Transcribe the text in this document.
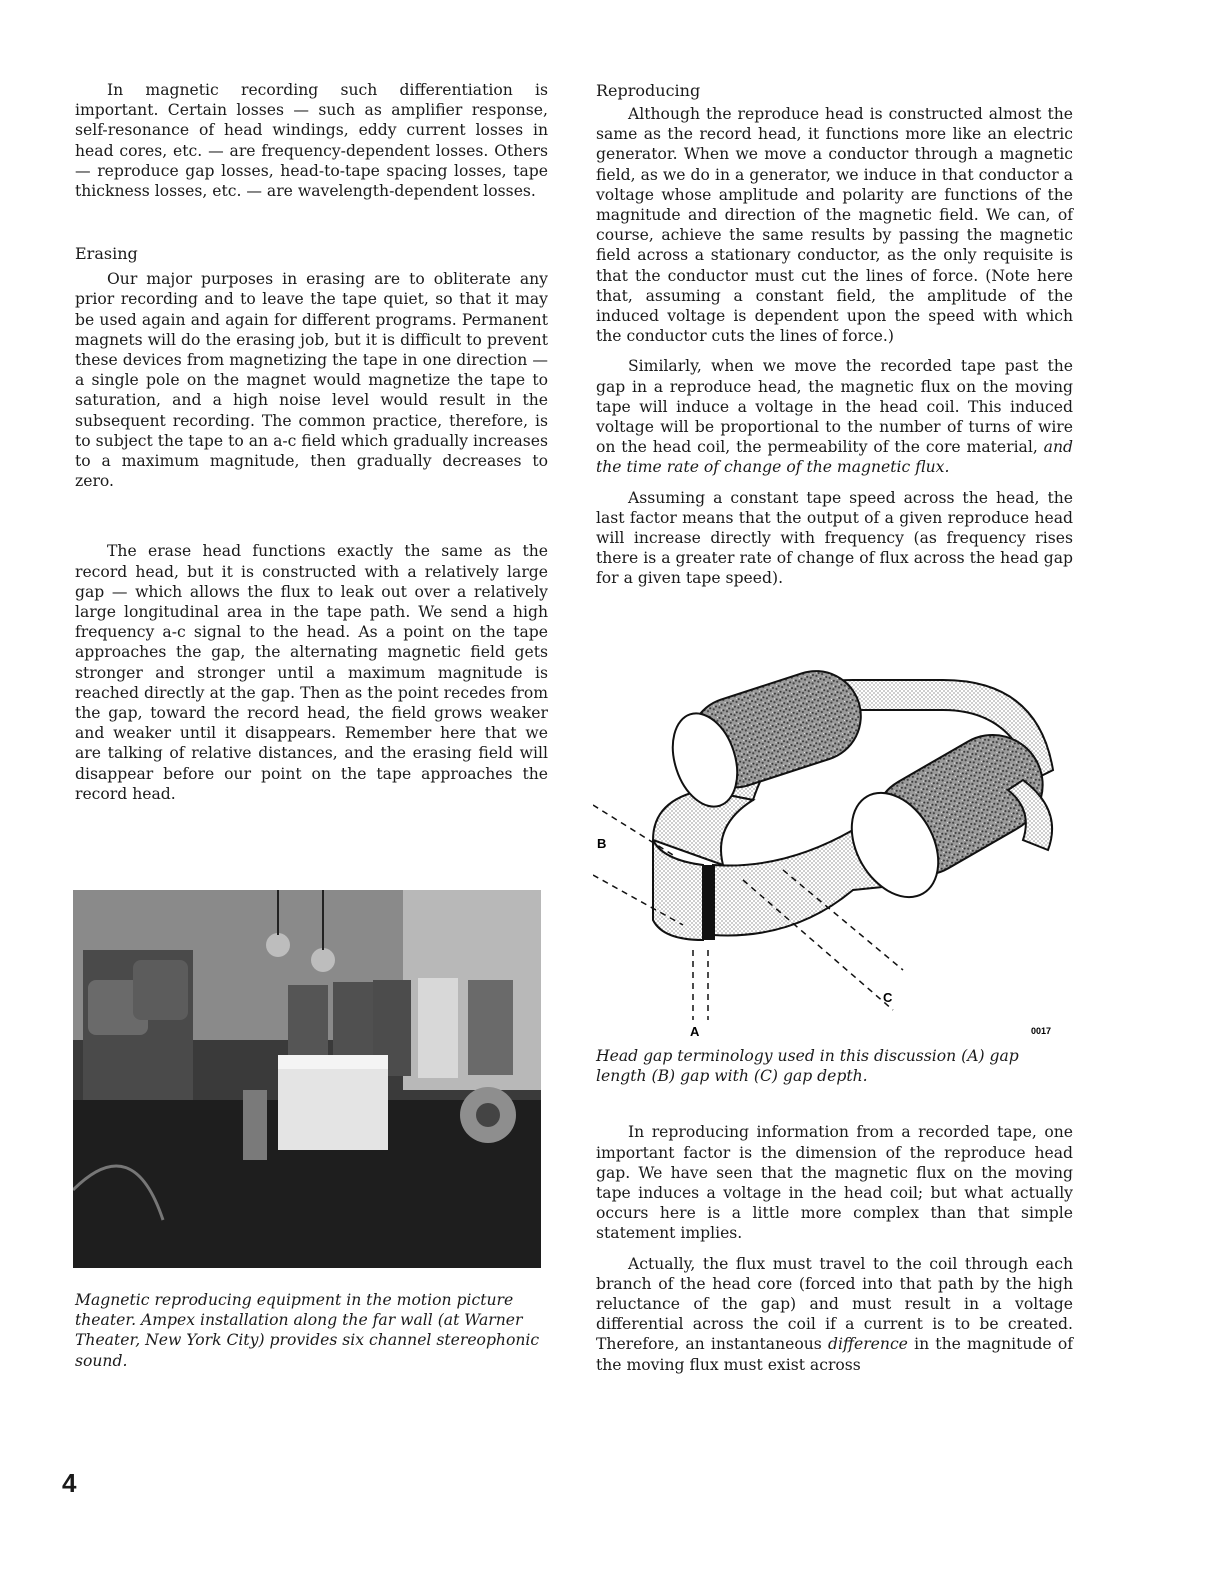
In magnetic recording such differentiation is important. Certain losses — such as amplifier response, self-resonance of head windings, eddy current losses in head cores, etc. — are frequency-dependent losses. Others — reproduce gap losses, head-to-tape spacing losses, tape thickness losses, etc. — are wavelength-dependent losses.

Erasing

Our major purposes in erasing are to obliterate any prior recording and to leave the tape quiet, so that it may be used again and again for different programs. Permanent magnets will do the erasing job, but it is difficult to prevent these devices from magnetizing the tape in one direction — a single pole on the magnet would magnetize the tape to saturation, and a high noise level would result in the subsequent recording. The common practice, therefore, is to subject the tape to an a-c field which gradually increases to a maximum magnitude, then gradually decreases to zero.

The erase head functions exactly the same as the record head, but it is constructed with a relatively large gap — which allows the flux to leak out over a relatively large longitudinal area in the tape path. We send a high frequency a-c signal to the head. As a point on the tape approaches the gap, the alternating magnetic field gets stronger and stronger until a maximum magnitude is reached directly at the gap. Then as the point recedes from the gap, toward the record head, the field grows weaker and weaker until it disappears. Remember here that we are talking of relative distances, and the erasing field will disappear before our point on the tape approaches the record head.

Magnetic reproducing equipment in the motion picture theater. Ampex installation along the far wall (at Warner Theater, New York City) provides six channel stereophonic sound.

Reproducing

Although the reproduce head is constructed almost the same as the record head, it functions more like an electric generator. When we move a conductor through a magnetic field, as we do in a generator, we induce in that conductor a voltage whose amplitude and polarity are functions of the magnitude and direction of the magnetic field. We can, of course, achieve the same results by passing the magnetic field across a stationary conductor, as the only requisite is that the conductor must cut the lines of force. (Note here that, assuming a constant field, the amplitude of the induced voltage is dependent upon the speed with which the conductor cuts the lines of force.)

Similarly, when we move the recorded tape past the gap in a reproduce head, the magnetic flux on the moving tape will induce a voltage in the head coil. This induced voltage will be proportional to the number of turns of wire on the head coil, the permeability of the core material, and the time rate of change of the magnetic flux.

Assuming a constant tape speed across the head, the last factor means that the output of a given reproduce head will increase directly with frequency (as frequency rises there is a greater rate of change of flux across the head gap for a given tape speed).

B
A
C
0017

Head gap terminology used in this discussion (A) gap length (B) gap with (C) gap depth.

In reproducing information from a recorded tape, one important factor is the dimension of the reproduce head gap. We have seen that the magnetic flux on the moving tape induces a voltage in the head coil; but what actually occurs here is a little more complex than that simple statement implies.

Actually, the flux must travel to the coil through each branch of the head core (forced into that path by the high reluctance of the gap) and must result in a voltage differential across the coil if a current is to be created. Therefore, an instantaneous difference in the magnitude of the moving flux must exist across

4
